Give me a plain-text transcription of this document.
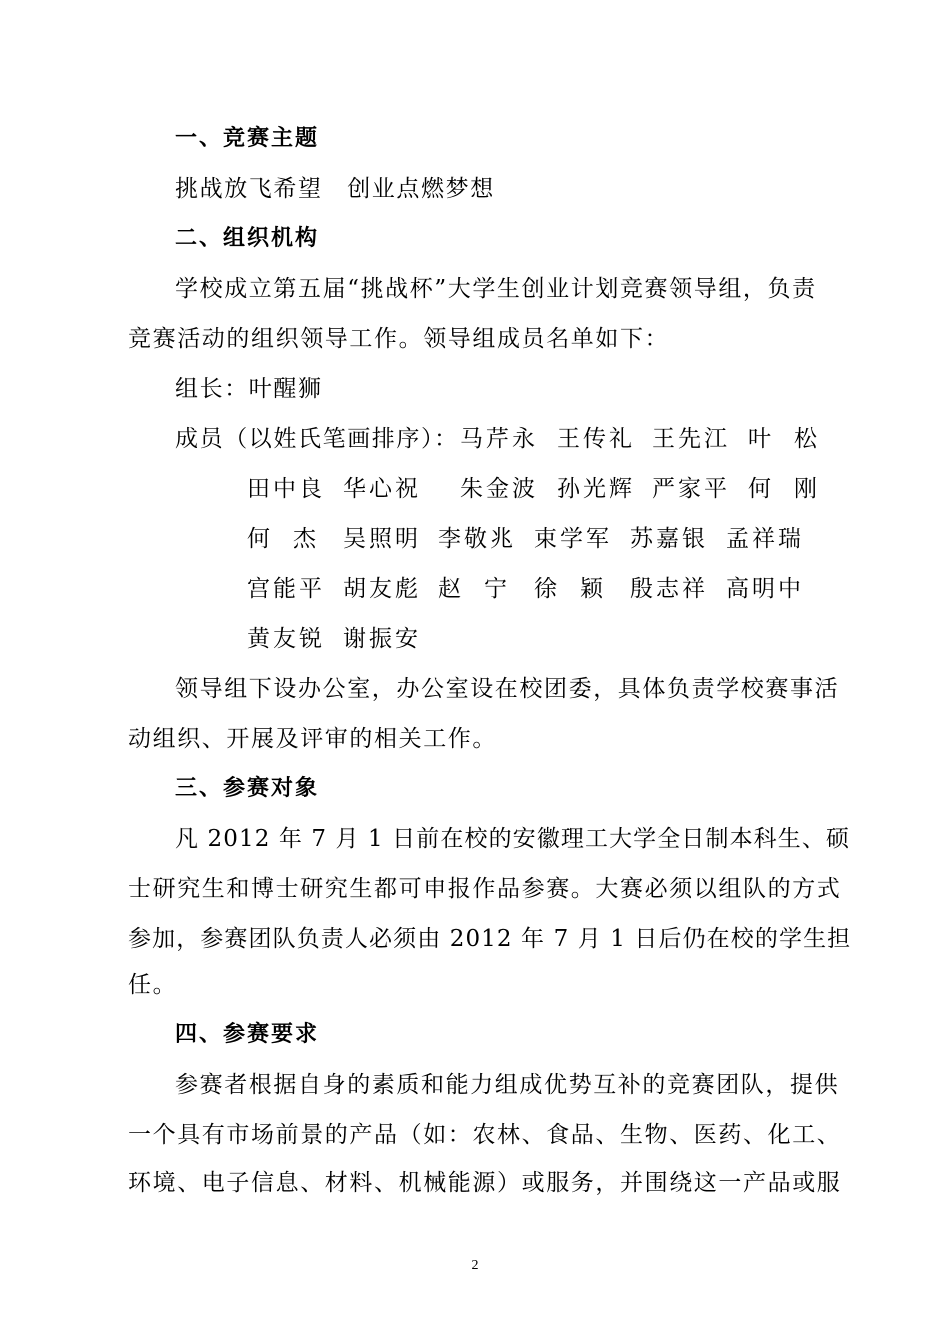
一、竞赛主题
挑战放飞希望　创业点燃梦想
二、组织机构
学校成立第五届“挑战杯”大学生创业计划竞赛领导组，负责
竞赛活动的组织领导工作。领导组成员名单如下：
组长：叶醒狮
成员（以姓氏笔画排序）： 马芹永 王传礼 王先江 叶　松
田中良 华心祝 朱金波 孙光辉 严家平 何　刚
何　杰 吴照明 李敬兆 束学军 苏嘉银 孟祥瑞
宫能平 胡友彪 赵　宁 徐　颖 殷志祥 高明中
黄友锐 谢振安
领导组下设办公室，办公室设在校团委，具体负责学校赛事活
动组织、开展及评审的相关工作。
三、参赛对象
凡 2012 年 7 月 1 日前在校的安徽理工大学全日制本科生、硕
士研究生和博士研究生都可申报作品参赛。大赛必须以组队的方式
参加，参赛团队负责人必须由 2012 年 7 月 1 日后仍在校的学生担
任。
四、参赛要求
参赛者根据自身的素质和能力组成优势互补的竞赛团队，提供
一个具有市场前景的产品（如：农林、食品、生物、医药、化工、
环境、电子信息、材料、机械能源）或服务，并围绕这一产品或服
2
